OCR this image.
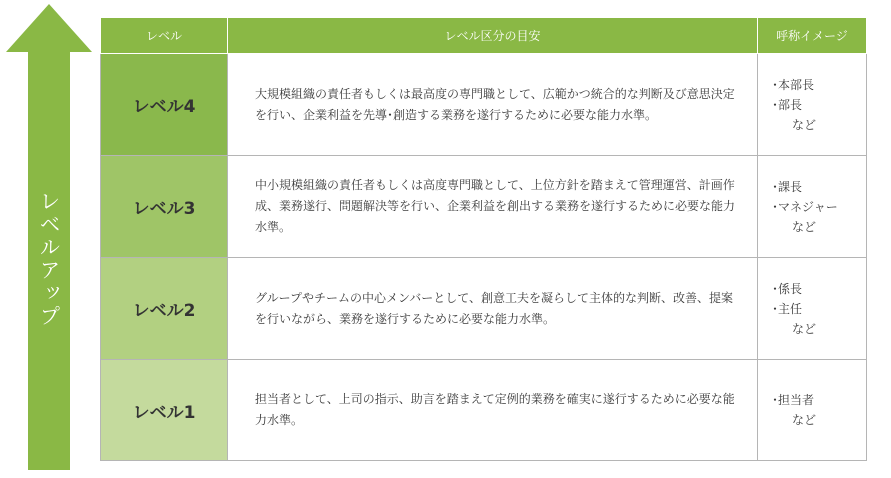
レベルアップ
レベル	レベル区分の目安	呼称イメージ
レベル4	大規模組織の責任者もしくは最高度の専門職として、広範かつ統合的な判断及び意思決定を行い、企業利益を先導･創造する業務を遂行するために必要な能力水準。	･本部長
･部長
など

レベル3	中小規模組織の責任者もしくは高度専門職として、上位方針を踏まえて管理運営、計画作成、業務遂行、問題解決等を行い、企業利益を創出する業務を遂行するために必要な能力水準。	･課長
･マネジャー
など

レベル2	グループやチームの中心メンバーとして、創意工夫を凝らして主体的な判断、改善、提案を行いながら、業務を遂行するために必要な能力水準。	･係長
･主任
など

レベル1	担当者として、上司の指示、助言を踏まえて定例的業務を確実に遂行するために必要な能力水準。	･担当者
など
